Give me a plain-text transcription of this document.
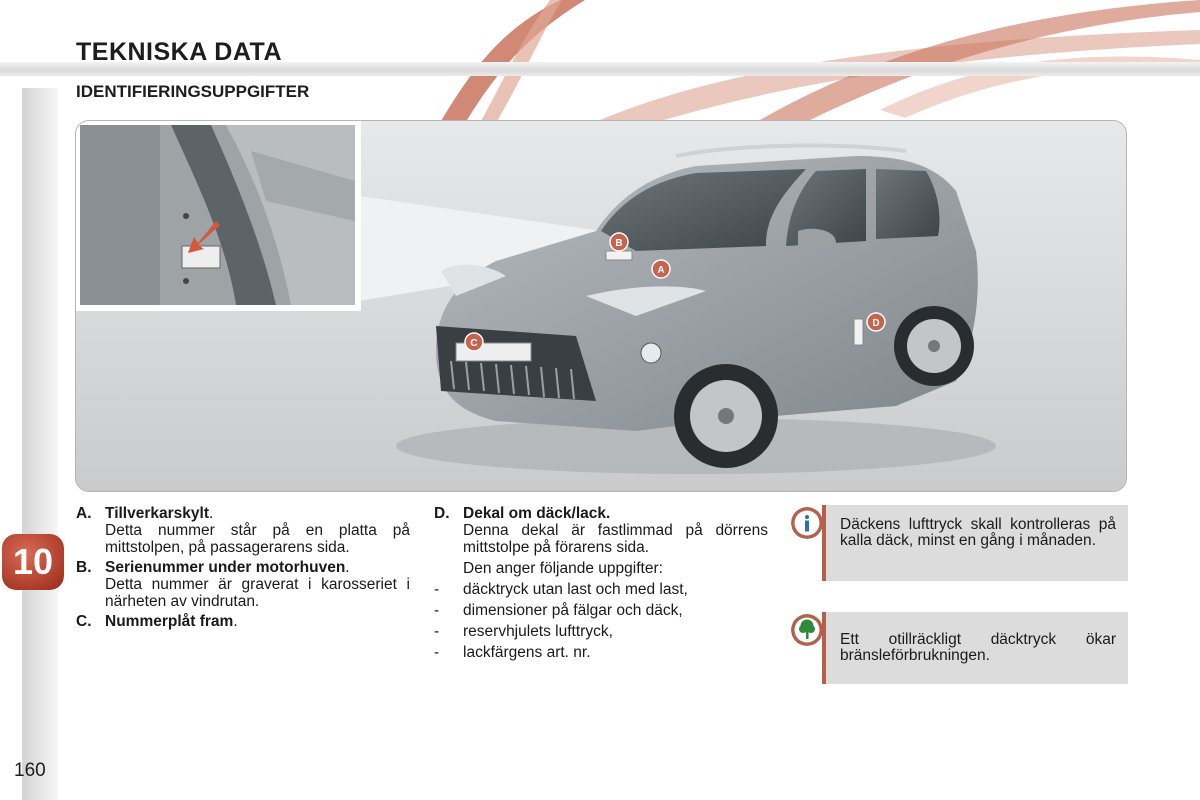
TEKNISKA DATA
IDENTIFIERINGSUPPGIFTER
10
A
B
C
D
A. Tillverkarskylt.
Detta nummer står på en platta på mittstolpen, på passagerarens sida.
B. Serienummer under motorhuven.
Detta nummer är graverat i karosseriet i närheten av vindrutan.
C. Nummerplåt fram.
D. Dekal om däck/lack.
Denna dekal är fastlimmad på dörrens mittstolpe på förarens sida.
Den anger följande uppgifter:
-	däcktryck utan last och med last,
-	dimensioner på fälgar och däck,
-	reservhjulets lufttryck,
-	lackfärgens art. nr.
Däckens lufttryck skall kontrolleras på kalla däck, minst en gång i månaden.
Ett otillräckligt däcktryck ökar bränsleförbrukningen.
160
